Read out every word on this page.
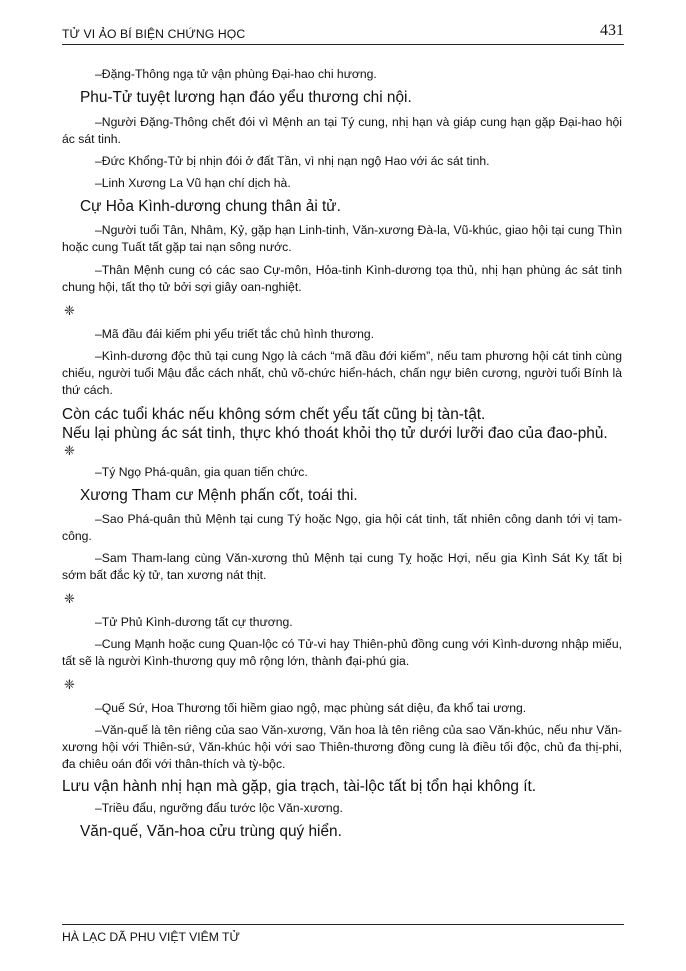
TỬ VI ẢO BÍ BIỆN CHỨNG HỌC	431

–Đặng-Thông ngạ tử vận phùng Đại-hao chi hương.

Phu-Tử tuyệt lương hạn đáo yểu thương chi nội.

–Người Đặng-Thông chết đói vì Mệnh an tại Tý cung, nhị hạn và giáp cung hạn gặp Đại-hao hội ác sát tinh.

–Đức Khổng-Tử bị nhịn đói ở đất Tần, vì nhị nạn ngộ Hao với ác sát tinh.

–Linh Xương La Vũ hạn chí dịch hà.

Cự Hỏa Kình-dương chung thân ải tử.

–Người tuổi Tân, Nhâm, Kỷ, gặp hạn Linh-tinh, Văn-xương Đà-la, Vũ-khúc, giao hội tại cung Thìn hoặc cung Tuất tất gặp tai nạn sông nước.

–Thân Mệnh cung có các sao Cự-môn, Hỏa-tinh Kình-dương tọa thủ, nhị hạn phùng ác sát tinh chung hội, tất thọ tử bởi sợi giây oan-nghiệt.

❈

–Mã đầu đái kiếm phi yểu triết tắc chủ hình thương.

–Kình-dương độc thủ tại cung Ngọ là cách “mã đầu đới kiếm”, nếu tam phương hội cát tinh cùng chiếu, người tuổi Mậu đắc cách nhất, chủ võ-chức hiển-hách, chấn ngự biên cương, người tuổi Bính là thứ cách.

Còn các tuổi khác nếu không sớm chết yểu tất cũng bị tàn-tật.

Nếu lại phùng ác sát tinh, thực khó thoát khỏi thọ tử dưới lưỡi đao của đao-phủ.

❈

–Tý Ngọ Phá-quân, gia quan tiến chức.

Xương Tham cư Mệnh phấn cốt, toái thi.

–Sao Phá-quân thủ Mệnh tại cung Tý hoặc Ngọ, gia hội cát tinh, tất nhiên công danh tới vị tam-công.

–Sam Tham-lang cùng Văn-xương thủ Mệnh tại cung Tỵ hoặc Hợi, nếu gia Kình Sát Kỵ tất bị sớm bất đắc kỳ tử, tan xương nát thịt.

❈

–Tử Phủ Kình-dương tất cự thương.

–Cung Mạnh hoặc cung Quan-lộc có Tử-vi hay Thiên-phủ đồng cung với Kình-dương nhập miếu, tất sẽ là người Kình-thương quy mô rộng lớn, thành đại-phú gia.

❈

–Quế Sứ, Hoa Thương tối hiềm giao ngộ, mạc phùng sát diệu, đa khổ tai ương.

–Văn-quế là tên riêng của sao Văn-xương, Văn hoa là tên riêng của sao Văn-khúc, nếu như Văn-xương hội với Thiên-sứ, Văn-khúc hội với sao Thiên-thương đồng cung là điều tối độc, chủ đa thị-phi, đa chiêu oán đối với thân-thích và tỳ-bộc.

Lưu vận hành nhị hạn mà gặp, gia trạch, tài-lộc tất bị tổn hại không ít.

–Triều đẩu, ngưỡng đẩu tước lộc Văn-xương.

Văn-quế, Văn-hoa cửu trùng quý hiển.

HÀ LẠC DÃ PHU VIỆT VIÊM TỬ
